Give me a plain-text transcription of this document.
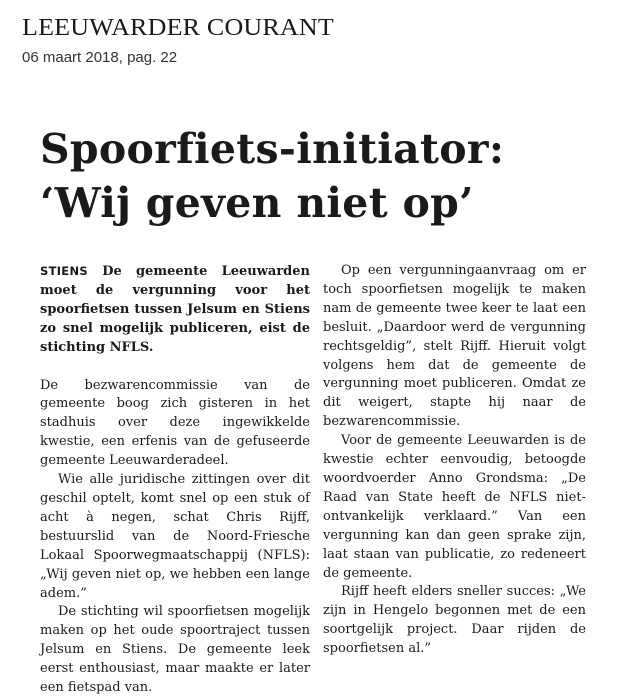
LEEUWARDER COURANT
06 maart 2018, pag. 22
Spoorfiets-initiator:
‘Wij geven niet op’

STIENS De gemeente Leeuwarden moet de vergunning voor het spoorfietsen tussen Jelsum en Stiens zo snel mogelijk publiceren, eist de stichting NFLS.

De bezwarencommissie van de gemeente boog zich gisteren in het stadhuis over deze ingewikkelde kwestie, een erfenis van de gefuseerde gemeente Leeuwarderadeel.

Wie alle juridische zittingen over dit geschil optelt, komt snel op een stuk of acht à negen, schat Chris Rijff, bestuurslid van de Noord-Friesche Lokaal Spoorwegmaatschappij (NFLS): „Wij geven niet op, we hebben een lange adem.”

De stichting wil spoorfietsen mogelijk maken op het oude spoortraject tussen Jelsum en Stiens. De gemeente leek eerst enthousiast, maar maakte er later een fietspad van.

Op een vergunningaanvraag om er toch spoorfietsen mogelijk te maken nam de gemeente twee keer te laat een besluit. „Daardoor werd de vergunning rechtsgeldig”, stelt Rijff. Hieruit volgt volgens hem dat de gemeente de vergunning moet publiceren. Omdat ze dit weigert, stapte hij naar de bezwarencommissie.

Voor de gemeente Leeuwarden is de kwestie echter eenvoudig, betoogde woordvoerder Anno Grondsma: „De Raad van State heeft de NFLS niet-ontvankelijk verklaard.” Van een vergunning kan dan geen sprake zijn, laat staan van publicatie, zo redeneert de gemeente.

Rijff heeft elders sneller succes: „We zijn in Hengelo begonnen met de een soortgelijk project. Daar rijden de spoorfietsen al.”
